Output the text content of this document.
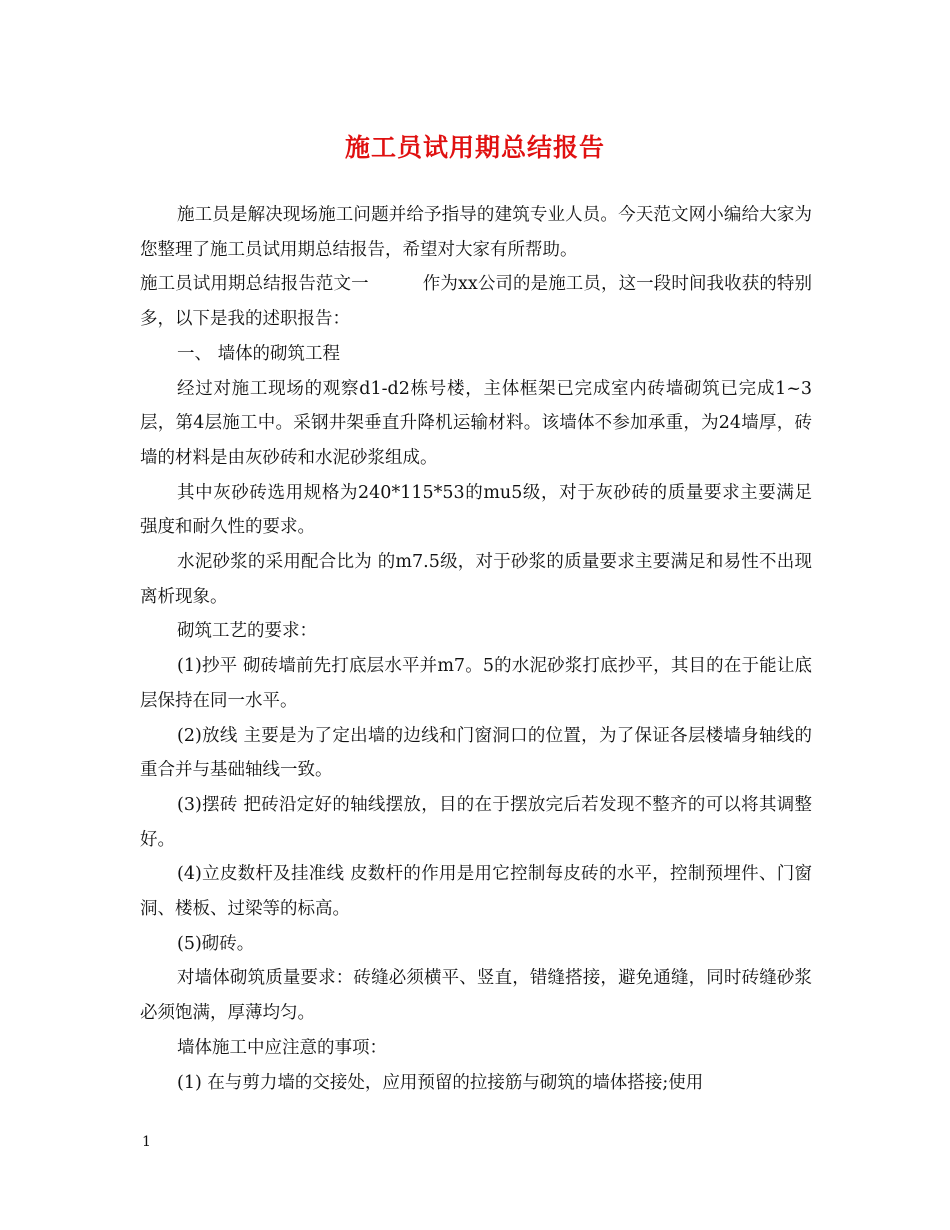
施工员试用期总结报告

施工员是解决现场施工问题并给予指导的建筑专业人员。今天范文网小编给大家为您整理了施工员试用期总结报告，希望对大家有所帮助。

施工员试用期总结报告范文一	作为xx公司的是施工员，这一段时间我收获的特别多，以下是我的述职报告：

一、 墙体的砌筑工程

经过对施工现场的观察d1-d2栋号楼，主体框架已完成室内砖墙砌筑已完成1~3层，第4层施工中。采钢井架垂直升降机运输材料。该墙体不参加承重，为24墙厚，砖墙的材料是由灰砂砖和水泥砂浆组成。

其中灰砂砖选用规格为240*115*53的mu5级，对于灰砂砖的质量要求主要满足强度和耐久性的要求。

水泥砂浆的采用配合比为 的m7.5级，对于砂浆的质量要求主要满足和易性不出现离析现象。

砌筑工艺的要求：

(1)抄平 砌砖墙前先打底层水平并m7。5的水泥砂浆打底抄平，其目的在于能让底层保持在同一水平。

(2)放线 主要是为了定出墙的边线和门窗洞口的位置，为了保证各层楼墙身轴线的重合并与基础轴线一致。

(3)摆砖 把砖沿定好的轴线摆放，目的在于摆放完后若发现不整齐的可以将其调整好。

(4)立皮数杆及挂准线 皮数杆的作用是用它控制每皮砖的水平，控制预埋件、门窗洞、楼板、过梁等的标高。

(5)砌砖。

对墙体砌筑质量要求：砖缝必须横平、竖直，错缝搭接，避免通缝，同时砖缝砂浆必须饱满，厚薄均匀。

墙体施工中应注意的事项：

(1) 在与剪力墙的交接处，应用预留的拉接筋与砌筑的墙体搭接;使用

1
